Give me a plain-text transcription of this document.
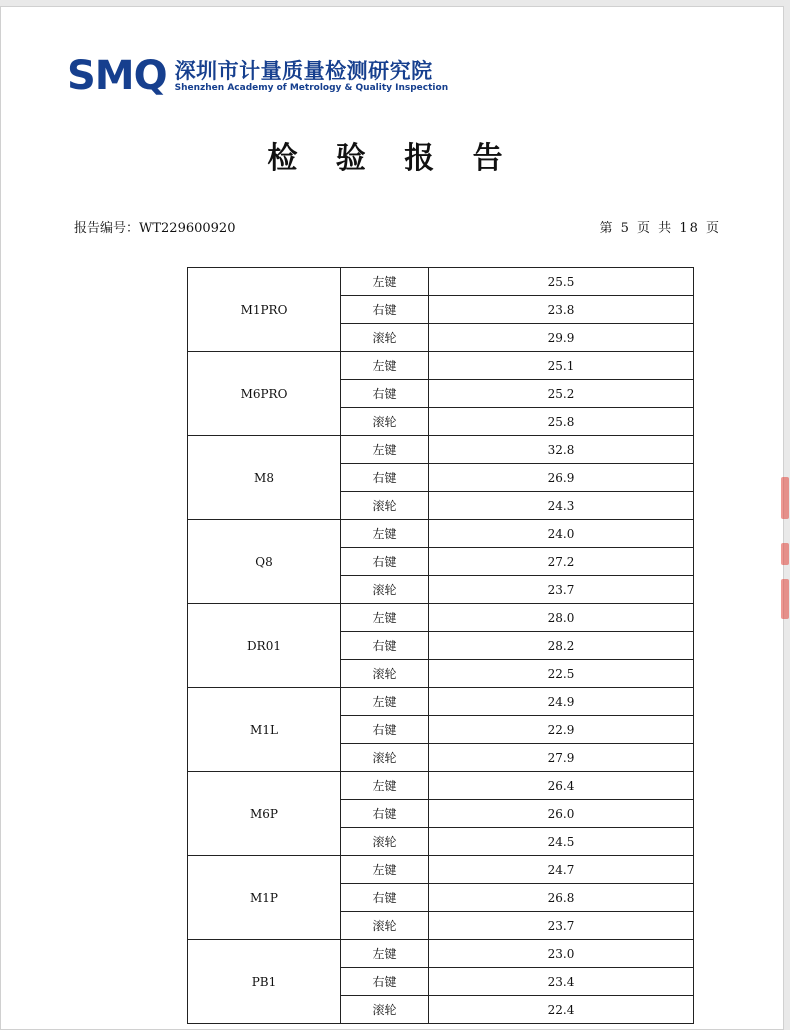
SMQ 深圳市计量质量检测研究院
Shenzhen Academy of Metrology & Quality Inspection
检 验 报 告
报告编号：WT229600920	第 5 页 共 18 页
M1PRO	左键	25.5
	右键	23.8
	滚轮	29.9
M6PRO	左键	25.1
	右键	25.2
	滚轮	25.8
M8	左键	32.8
	右键	26.9
	滚轮	24.3
Q8	左键	24.0
	右键	27.2
	滚轮	23.7
DR01	左键	28.0
	右键	28.2
	滚轮	22.5
M1L	左键	24.9
	右键	22.9
	滚轮	27.9
M6P	左键	26.4
	右键	26.0
	滚轮	24.5
M1P	左键	24.7
	右键	26.8
	滚轮	23.7
PB1	左键	23.0
	右键	23.4
	滚轮	22.4
